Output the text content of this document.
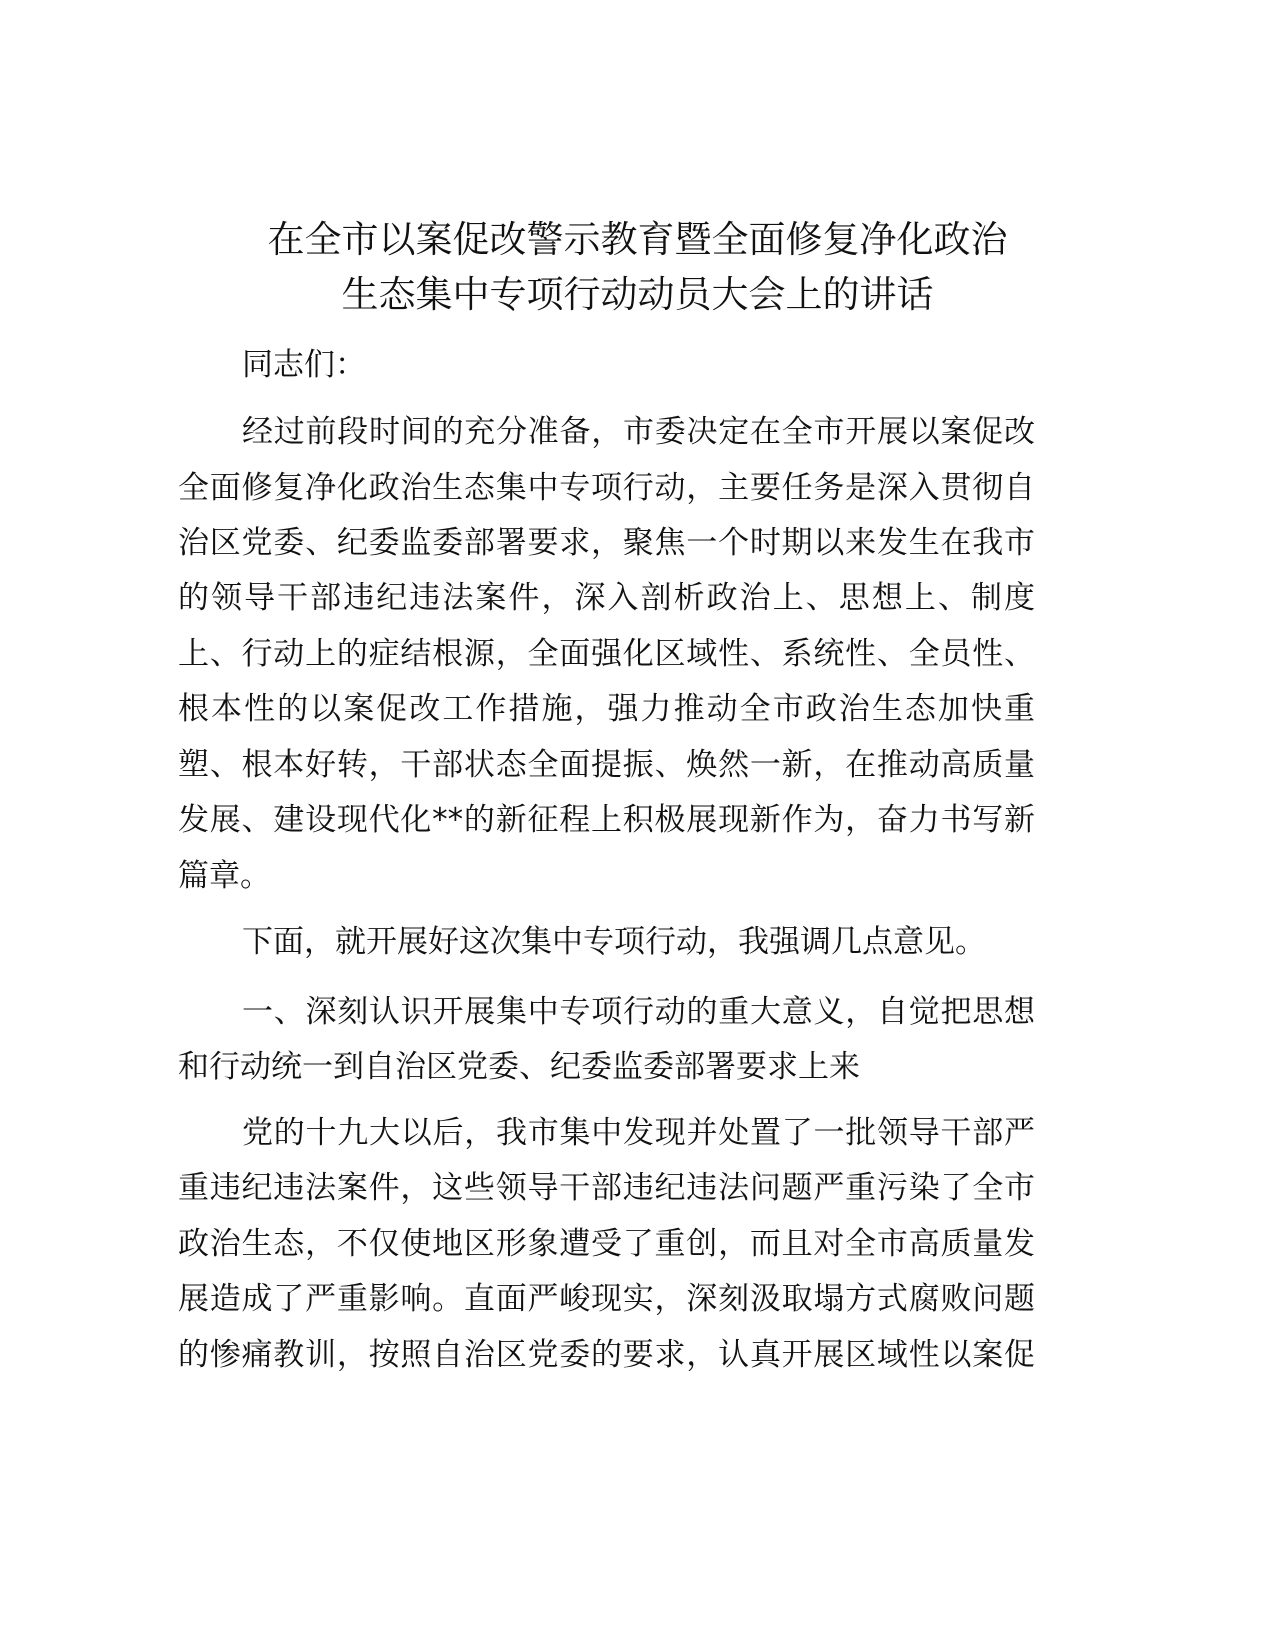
在全市以案促改警示教育暨全面修复净化政治
生态集中专项行动动员大会上的讲话
同志们：
经过前段时间的充分准备，市委决定在全市开展以案促改
全面修复净化政治生态集中专项行动，主要任务是深入贯彻自
治区党委、纪委监委部署要求，聚焦一个时期以来发生在我市
的领导干部违纪违法案件，深入剖析政治上、思想上、制度
上、行动上的症结根源，全面强化区域性、系统性、全员性、
根本性的以案促改工作措施，强力推动全市政治生态加快重
塑、根本好转，干部状态全面提振、焕然一新，在推动高质量
发展、建设现代化**的新征程上积极展现新作为，奋力书写新
篇章。
下面，就开展好这次集中专项行动，我强调几点意见。
一、深刻认识开展集中专项行动的重大意义，自觉把思想
和行动统一到自治区党委、纪委监委部署要求上来
党的十九大以后，我市集中发现并处置了一批领导干部严
重违纪违法案件，这些领导干部违纪违法问题严重污染了全市
政治生态，不仅使地区形象遭受了重创，而且对全市高质量发
展造成了严重影响。直面严峻现实，深刻汲取塌方式腐败问题
的惨痛教训，按照自治区党委的要求，认真开展区域性以案促
